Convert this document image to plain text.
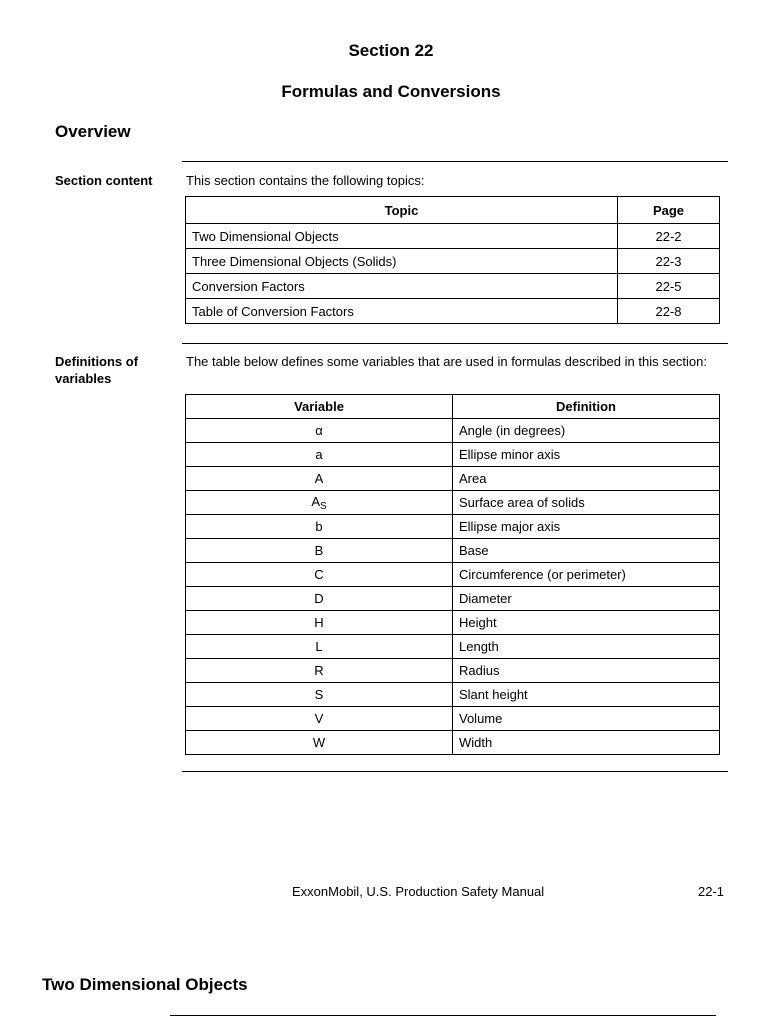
Section 22
Formulas and Conversions
Overview
Section content	This section contains the following topics:
Topic	Page
Two Dimensional Objects	22-2
Three Dimensional Objects (Solids)	22-3
Conversion Factors	22-5
Table of Conversion Factors	22-8
Definitions of
variables
The table below defines some variables that are used in formulas described in this section:
Variable	Definition
α	Angle (in degrees)
a	Ellipse minor axis
A	Area
$A_S$	Surface area of solids
b	Ellipse major axis
B	Base
C	Circumference (or perimeter)
D	Diameter
H	Height
L	Length
R	Radius
S	Slant height
V	Volume
W	Width
ExxonMobil, U.S. Production Safety Manual	22-1
Two Dimensional Objects
